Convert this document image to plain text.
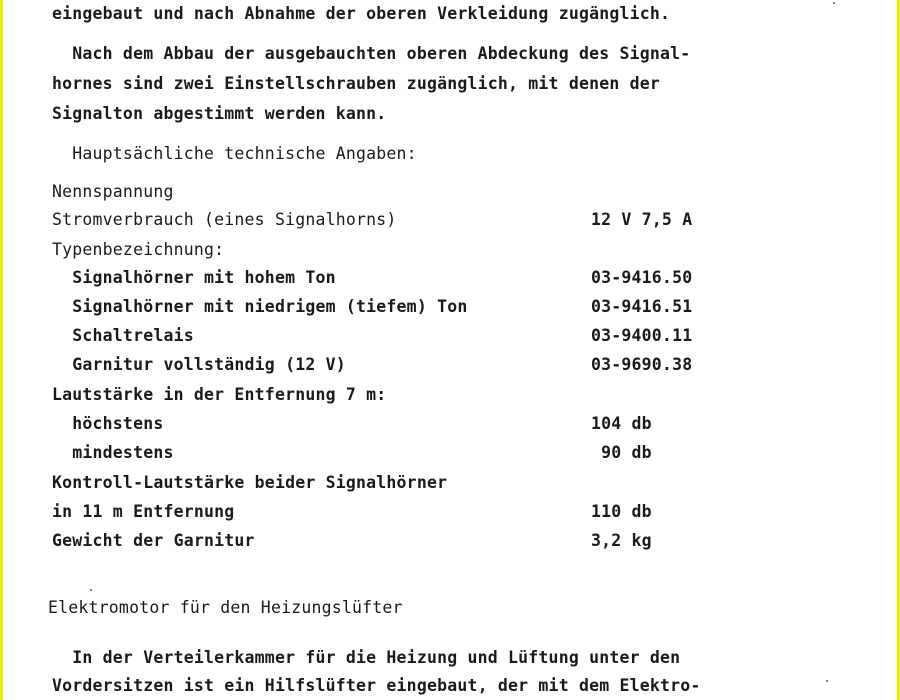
eingebaut und nach Abnahme der oberen Verkleidung zugänglich.
Nach dem Abbau der ausgebauchten oberen Abdeckung des Signal-
hornes sind zwei Einstellschrauben zugänglich, mit denen der
Signalton abgestimmt werden kann.
Hauptsächliche technische Angaben:
Nennspannung
Stromverbrauch (eines Signalhorns)	12 V 7,5 A
Typenbezeichnung:
Signalhörner mit hohem Ton	03-9416.50
Signalhörner mit niedrigem (tiefem) Ton	03-9416.51
Schaltrelais	03-9400.11
Garnitur vollständig (12 V)	03-9690.38
Lautstärke in der Entfernung 7 m:
höchstens	104 db
mindestens	90 db
Kontroll-Lautstärke beider Signalhörner
in 11 m Entfernung	110 db
Gewicht der Garnitur	3,2 kg
Elektromotor für den Heizungslüfter
In der Verteilerkammer für die Heizung und Lüftung unter den
Vordersitzen ist ein Hilfslüfter eingebaut, der mit dem Elektro-
